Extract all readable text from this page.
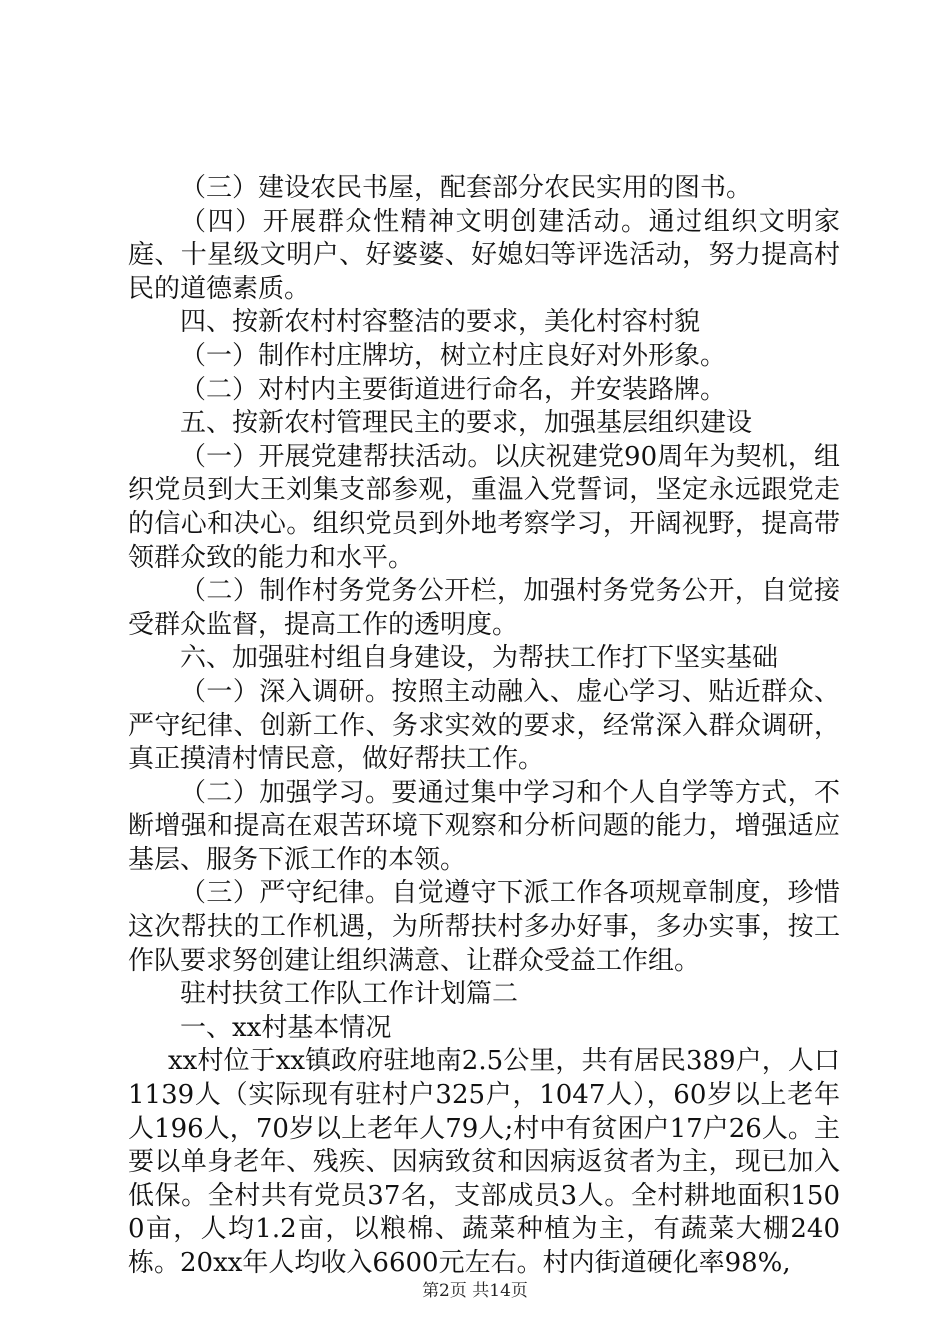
（三）建设农民书屋，配套部分农民实用的图书。

（四）开展群众性精神文明创建活动。通过组织文明家庭、十星级文明户、好婆婆、好媳妇等评选活动，努力提高村民的道德素质。

四、按新农村村容整洁的要求，美化村容村貌

（一）制作村庄牌坊，树立村庄良好对外形象。

（二）对村内主要街道进行命名，并安装路牌。

五、按新农村管理民主的要求，加强基层组织建设

（一）开展党建帮扶活动。以庆祝建党90周年为契机，组织党员到大王刘集支部参观，重温入党誓词，坚定永远跟党走的信心和决心。组织党员到外地考察学习，开阔视野，提高带领群众致的能力和水平。

（二）制作村务党务公开栏，加强村务党务公开，自觉接受群众监督，提高工作的透明度。

六、加强驻村组自身建设，为帮扶工作打下坚实基础

（一）深入调研。按照主动融入、虚心学习、贴近群众、严守纪律、创新工作、务求实效的要求，经常深入群众调研，真正摸清村情民意，做好帮扶工作。

（二）加强学习。要通过集中学习和个人自学等方式，不断增强和提高在艰苦环境下观察和分析问题的能力，增强适应基层、服务下派工作的本领。

（三）严守纪律。自觉遵守下派工作各项规章制度，珍惜这次帮扶的工作机遇，为所帮扶村多办好事，多办实事，按工作队要求努创建让组织满意、让群众受益工作组。

驻村扶贫工作队工作计划篇二

一、xx村基本情况

xx村位于xx镇政府驻地南2.5公里，共有居民389户，人口1139人（实际现有驻村户325户，1047人），60岁以上老年人196人，70岁以上老年人79人;村中有贫困户17户26人。主要以单身老年、残疾、因病致贫和因病返贫者为主，现已加入低保。全村共有党员37名，支部成员3人。全村耕地面积1500亩，人均1.2亩，以粮棉、蔬菜种植为主，有蔬菜大棚240栋。20xx年人均收入6600元左右。村内街道硬化率98%,

第2页 共14页
